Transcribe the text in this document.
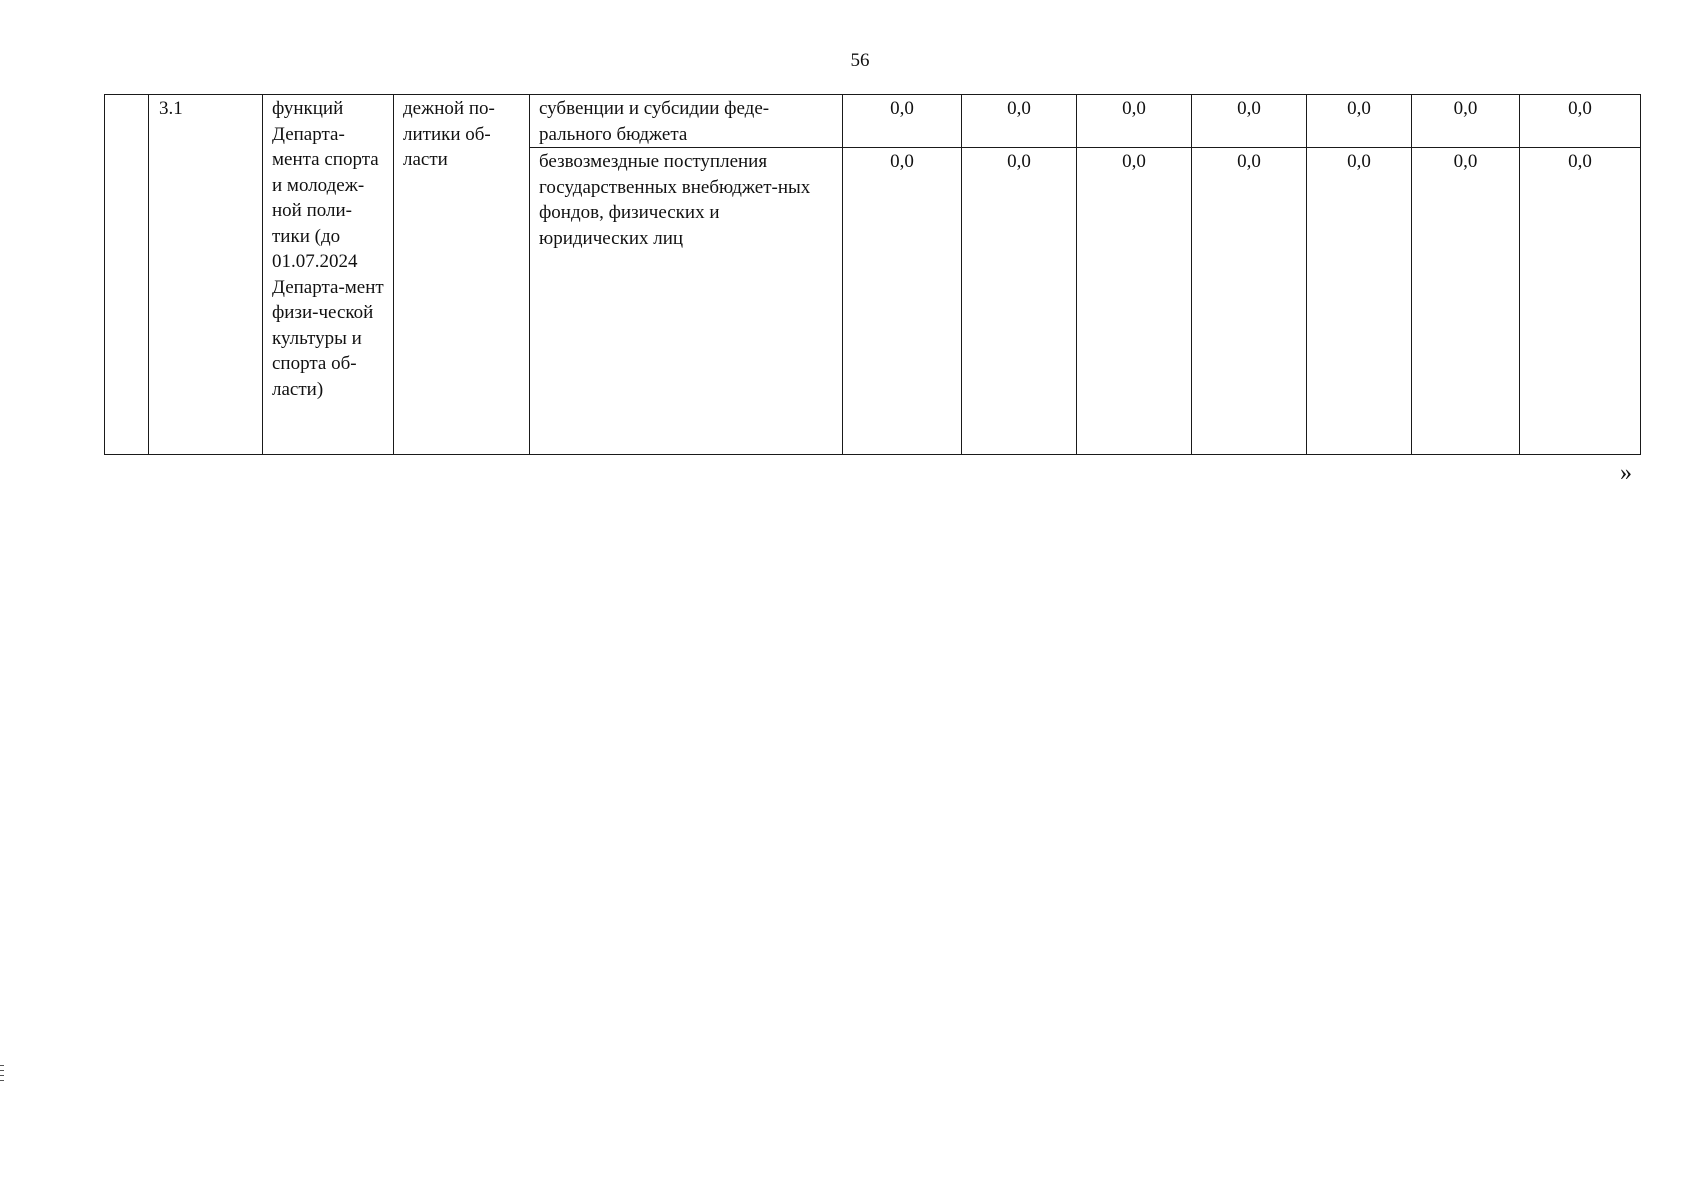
56
	3.1	функций Департа-мента спорта и молодеж-ной поли-тики (до 01.07.2024 Департа-мент физи-ческой культуры и спорта об-ласти)	дежной по-литики об-ласти	субвенции и субсидии феде-рального бюджета	0,0	0,0	0,0	0,0	0,0	0,0	0,0
				безвозмездные поступления государственных внебюджет-ных фондов, физических и юридических лиц	0,0	0,0	0,0	0,0	0,0	0,0	0,0
»
